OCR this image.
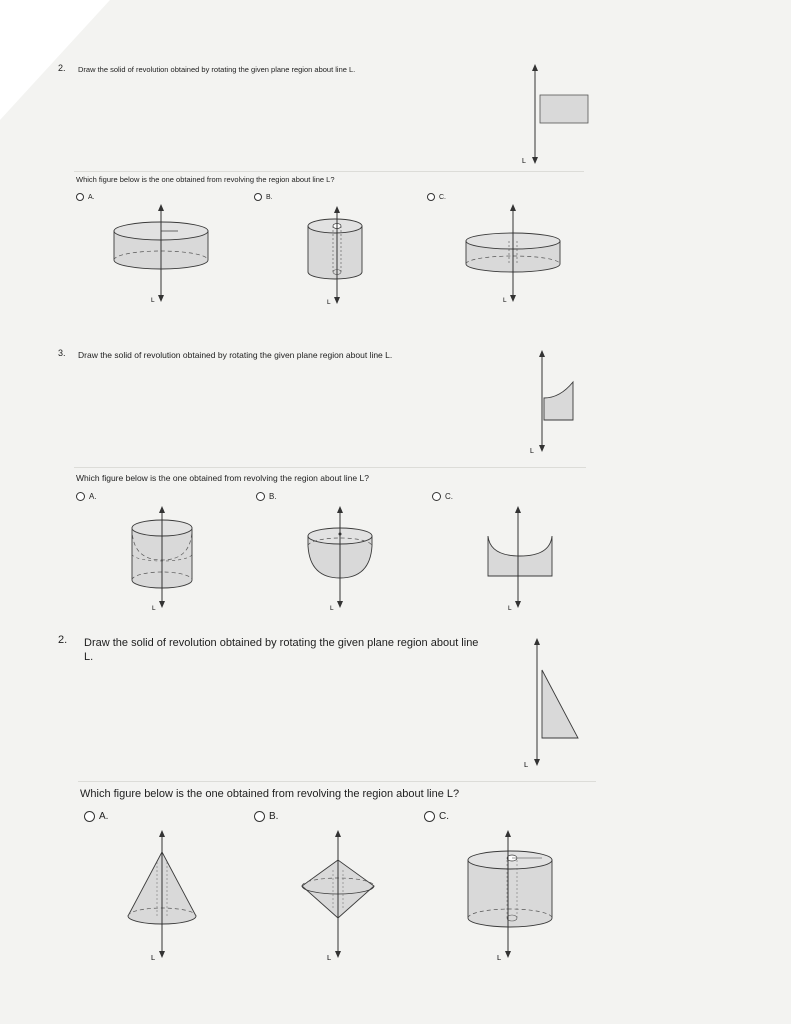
2. Draw the solid of revolution obtained by rotating the given plane region about line L.
L
Which figure below is the one obtained from revolving the region about line L?
A.	B.	C.
L	L	L
3. Draw the solid of revolution obtained by rotating the given plane region about line L.
L
Which figure below is the one obtained from revolving the region about line L?
A.	B.	C.
L	L	L
2. Draw the solid of revolution obtained by rotating the given plane region about line
L.
L
Which figure below is the one obtained from revolving the region about line L?
A.	B.	C.
L	L	L
